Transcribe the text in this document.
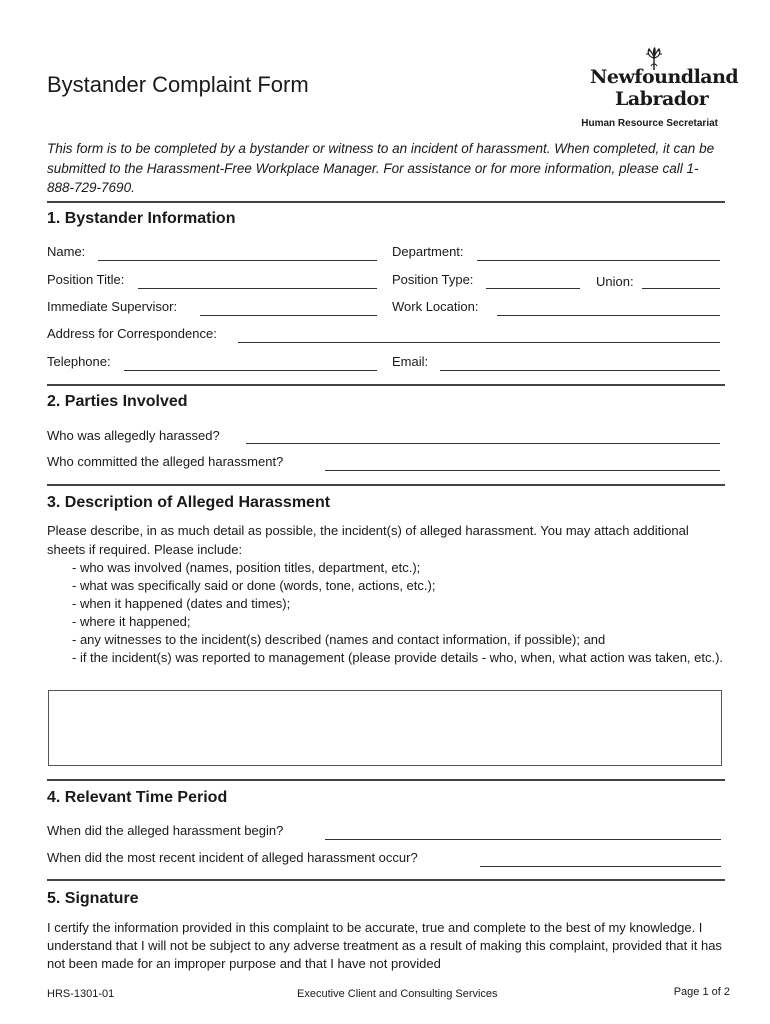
Bystander Complaint Form	Newfoundland
Labrador
Human Resource Secretariat

This form is to be completed by a bystander or witness to an incident of harassment. When completed, it can be submitted to the Harassment-Free Workplace Manager. For assistance or for more information, please call 1-888-729-7690.

1. Bystander Information
Name:	Department:
Position Title:	Position Type:	Union:
Immediate Supervisor:	Work Location:
Address for Correspondence:
Telephone:	Email:
2. Parties Involved
Who was allegedly harassed?
Who committed the alleged harassment?
3. Description of Alleged Harassment

Please describe, in as much detail as possible, the incident(s) of alleged harassment. You may attach additional sheets if required. Please include:

- who was involved (names, position titles, department, etc.);
- what was specifically said or done (words, tone, actions, etc.);
- when it happened (dates and times);
- where it happened;
- any witnesses to the incident(s) described (names and contact information, if possible); and
- if the incident(s) was reported to management (please provide details - who, when, what action was taken, etc.).
4. Relevant Time Period
When did the alleged harassment begin?
When did the most recent incident of alleged harassment occur?
5. Signature

I certify the information provided in this complaint to be accurate, true and complete to the best of my knowledge. I understand that I will not be subject to any adverse treatment as a result of making this complaint, provided that it has not been made for an improper purpose and that I have not provided

HRS-1301-01	Executive Client and Consulting Services	Page 1 of 2
